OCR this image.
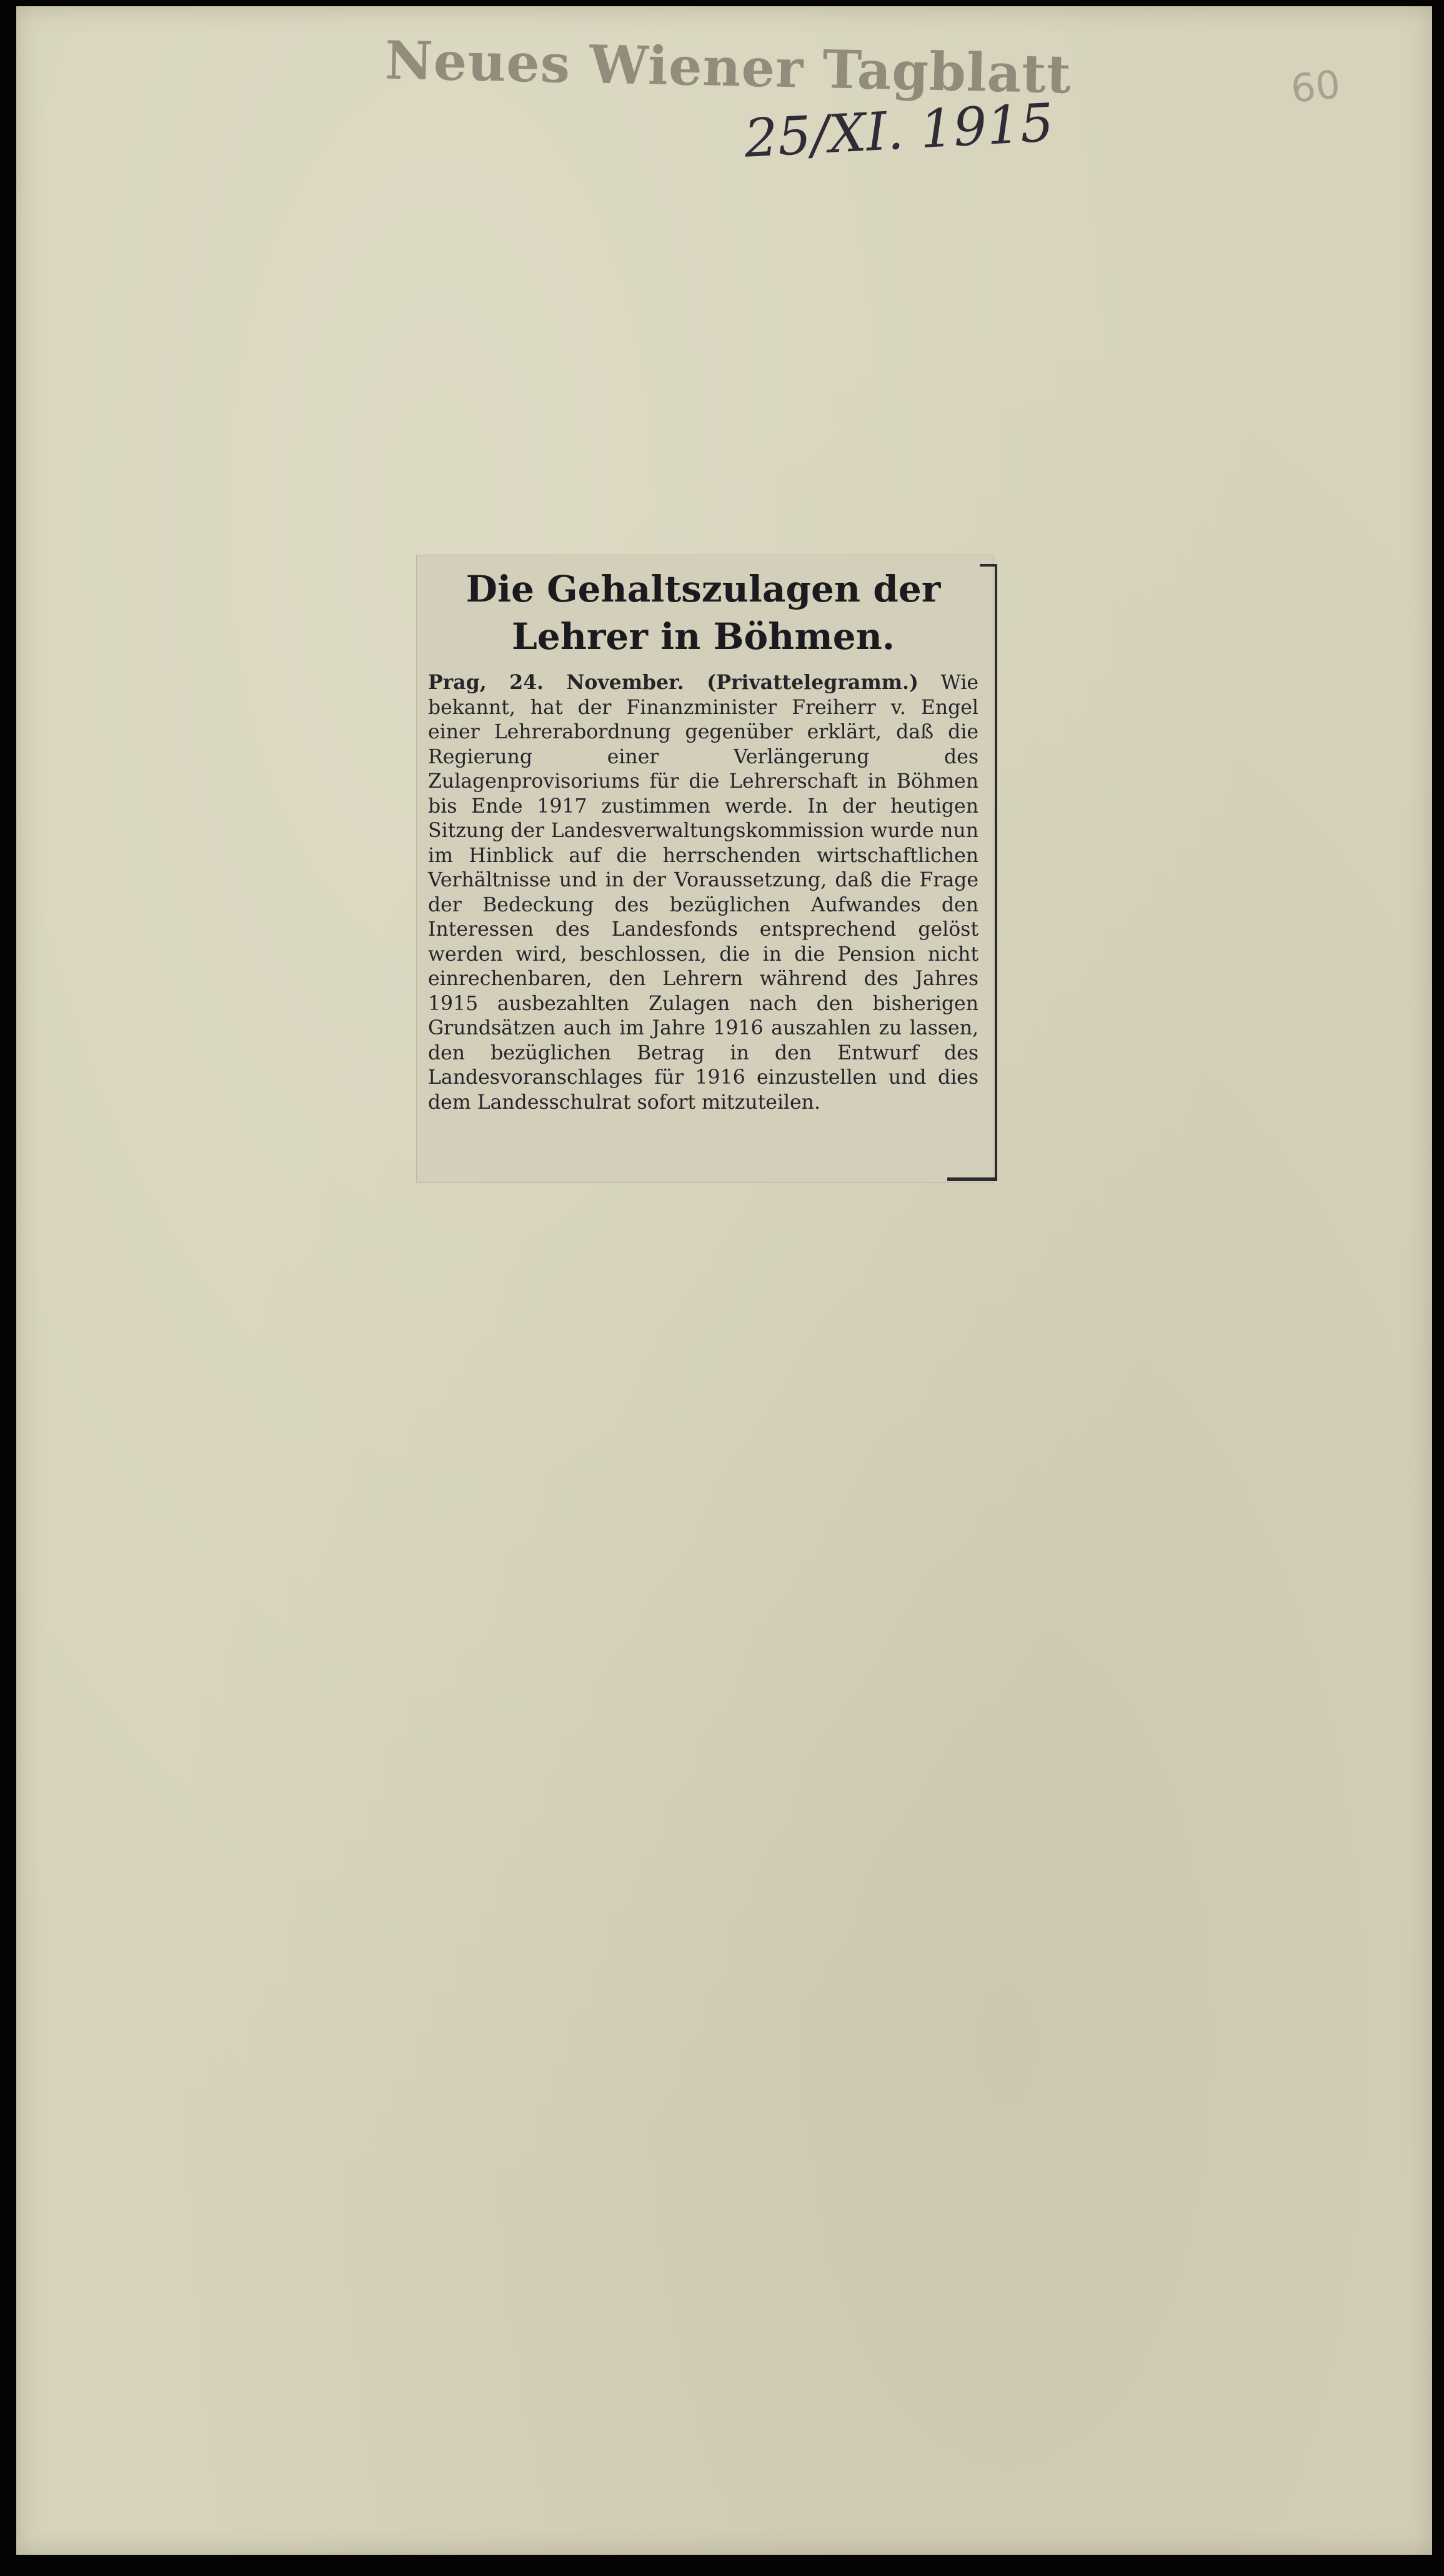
Neues Wiener Tagblatt
25/XI. 1915
60
Die Gehaltszulagen der Lehrer in Böhmen.

Prag, 24. November. (Privattelegramm.) Wie bekannt, hat der Finanzminister Freiherr v. Engel einer Lehrerabordnung gegenüber erklärt, daß die Regierung einer Verlängerung des Zulagenprovisoriums für die Lehrerschaft in Böhmen bis Ende 1917 zustimmen werde. In der heutigen Sitzung der Landesverwaltungskommission wurde nun im Hinblick auf die herrschenden wirtschaftlichen Verhältnisse und in der Voraussetzung, daß die Frage der Bedeckung des bezüglichen Aufwandes den Interessen des Landesfonds entsprechend gelöst werden wird, beschlossen, die in die Pension nicht einrechenbaren, den Lehrern während des Jahres 1915 ausbezahlten Zulagen nach den bisherigen Grundsätzen auch im Jahre 1916 auszahlen zu lassen, den bezüglichen Betrag in den Entwurf des Landesvoranschlages für 1916 einzustellen und dies dem Landesschulrat sofort mitzuteilen.
